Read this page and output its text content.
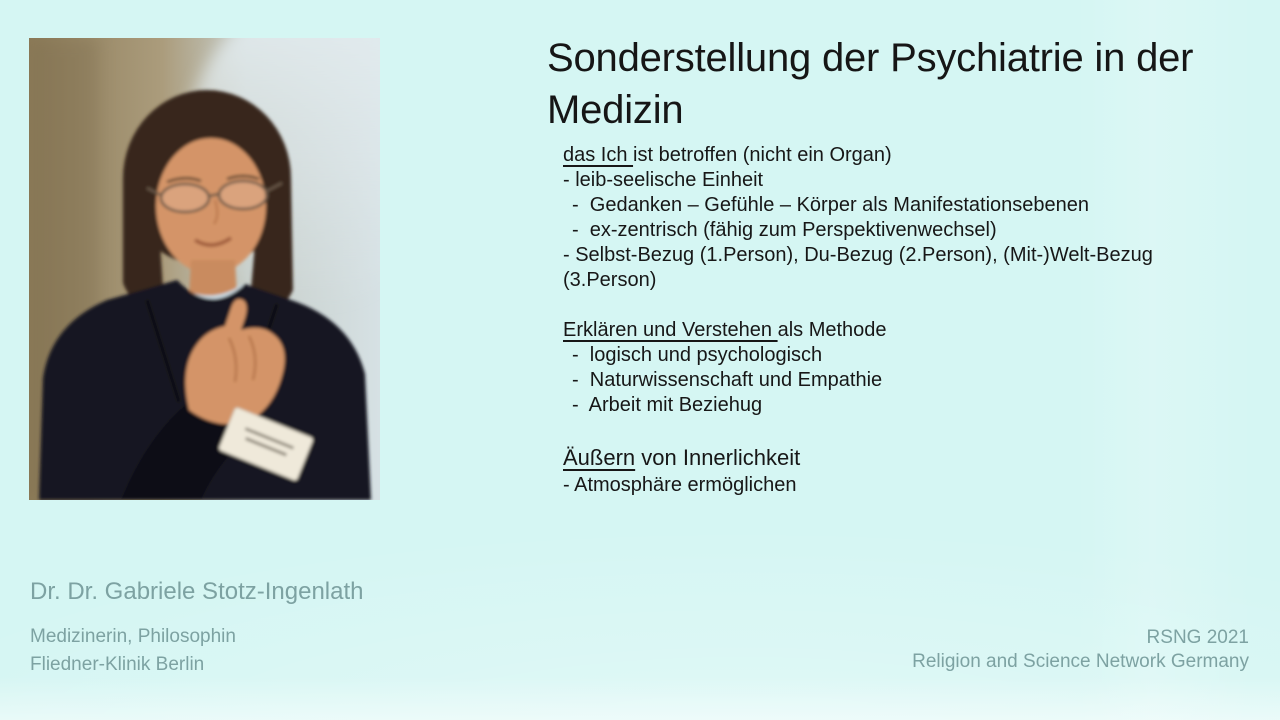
Sonderstellung der Psychiatrie in der Medizin
das Ich ist betroffen (nicht ein Organ)
- leib-seelische Einheit
-  Gedanken – Gefühle – Körper als Manifestationsebenen
-  ex-zentrisch (fähig zum Perspektivenwechsel)
- Selbst-Bezug (1.Person), Du-Bezug (2.Person), (Mit-)Welt-Bezug (3.Person)
Erklären und Verstehen als Methode
-  logisch und psychologisch
-  Naturwissenschaft und Empathie
-  Arbeit mit Beziehug
Äußern von Innerlichkeit
- Atmosphäre ermöglichen
Dr. Dr. Gabriele Stotz-Ingenlath
Medizinerin, Philosophin
Fliedner-Klinik Berlin
RSNG 2021
Religion and Science Network Germany
